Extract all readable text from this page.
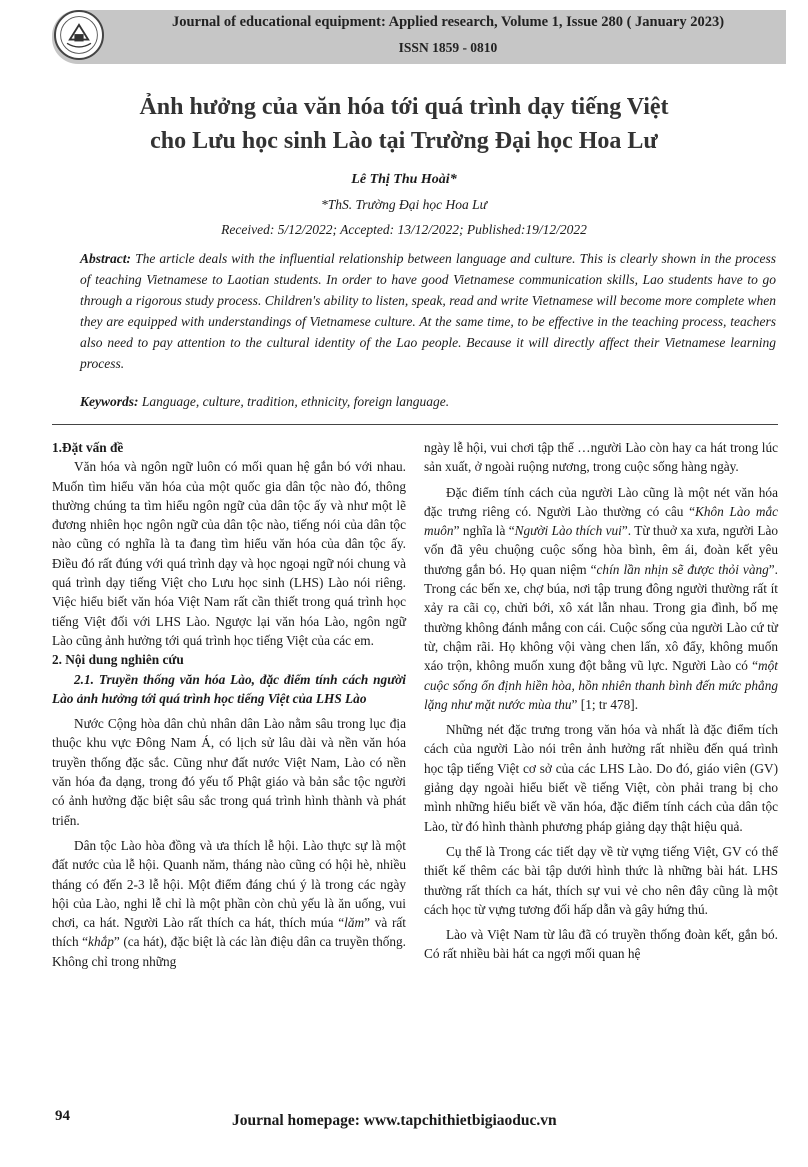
Journal of educational equipment: Applied research, Volume 1, Issue 280 ( January 2023)
ISSN 1859 - 0810
Ảnh hưởng của văn hóa tới quá trình dạy tiếng Việt
cho Lưu học sinh Lào tại Trường Đại học Hoa Lư
Lê Thị Thu Hoài*
*ThS. Trường Đại học Hoa Lư
Received: 5/12/2022; Accepted: 13/12/2022; Published:19/12/2022
Abstract: The article deals with the influential relationship between language and culture. This is clearly shown in the process of teaching Vietnamese to Laotian students. In order to have good Vietnamese communication skills, Lao students have to go through a rigorous study process. Children's ability to listen, speak, read and write Vietnamese will become more complete when they are equipped with understandings of Vietnamese culture. At the same time, to be effective in the teaching process, teachers also need to pay attention to the cultural identity of the Lao people. Because it will directly affect their Vietnamese learning process.
Keywords: Language, culture, tradition, ethnicity, foreign language.

1.Đặt vấn đề

Văn hóa và ngôn ngữ luôn có mối quan hệ gắn bó với nhau. Muốn tìm hiểu văn hóa của một quốc gia dân tộc nào đó, thông thường chúng ta tìm hiểu ngôn ngữ của dân tộc ấy và như một lẽ đương nhiên học ngôn ngữ của dân tộc nào, tiếng nói của dân tộc nào cũng có nghĩa là ta đang tìm hiểu văn hóa của dân tộc ấy. Điều đó rất đúng với quá trình dạy và học ngoại ngữ nói chung và quá trình dạy tiếng Việt cho Lưu học sinh (LHS) Lào nói riêng. Việc hiểu biết văn hóa Việt Nam rất cần thiết trong quá trình học tiếng Việt đối với LHS Lào. Ngược lại văn hóa Lào, ngôn ngữ Lào cũng ảnh hưởng tới quá trình học tiếng Việt của các em.

2. Nội dung nghiên cứu

2.1. Truyền thống văn hóa Lào, đặc điểm tính cách người Lào ảnh hưởng tới quá trình học tiếng Việt của LHS Lào

Nước Cộng hòa dân chủ nhân dân Lào nằm sâu trong lục địa thuộc khu vực Đông Nam Á, có lịch sử lâu dài và nền văn hóa truyền thống đặc sắc. Cũng như đất nước Việt Nam, Lào có nền văn hóa đa dạng, trong đó yếu tố Phật giáo và bản sắc tộc người có ảnh hưởng đặc biệt sâu sắc trong quá trình hình thành và phát triển.

Dân tộc Lào hòa đồng và ưa thích lễ hội. Lào thực sự là một đất nước của lễ hội. Quanh năm, tháng nào cũng có hội hè, nhiều tháng có đến 2-3 lễ hội. Một điểm đáng chú ý là trong các ngày hội của Lào, nghi lễ chỉ là một phần còn chủ yếu là ăn uống, vui chơi, ca hát. Người Lào rất thích ca hát, thích múa “lăm” và rất thích “khắp” (ca hát), đặc biệt là các làn điệu dân ca truyền thống. Không chỉ trong những

ngày lễ hội, vui chơi tập thể …người Lào còn hay ca hát trong lúc sản xuất, ở ngoài ruộng nương, trong cuộc sống hàng ngày.

Đặc điểm tính cách của người Lào cũng là một nét văn hóa đặc trưng riêng có. Người Lào thường có câu “Khôn Lào mắc muôn” nghĩa là “Người Lào thích vui”. Từ thuở xa xưa, người Lào vốn đã yêu chuộng cuộc sống hòa bình, êm ái, đoàn kết yêu thương gắn bó. Họ quan niệm “chín lần nhịn sẽ được thỏi vàng”. Trong các bến xe, chợ búa, nơi tập trung đông người thường rất ít xảy ra cãi cọ, chửi bới, xô xát lẫn nhau. Trong gia đình, bố mẹ thường không đánh mắng con cái. Cuộc sống của người Lào cứ từ từ, chậm rãi. Họ không vội vàng chen lấn, xô đẩy, không muốn xáo trộn, không muốn xung đột bằng vũ lực. Người Lào có “một cuộc sống ổn định hiền hòa, hồn nhiên thanh bình đến mức phẳng lặng như mặt nước mùa thu” [1; tr 478].

Những nét đặc trưng trong văn hóa và nhất là đặc điểm tích cách của người Lào nói trên ảnh hưởng rất nhiều đến quá trình học tập tiếng Việt cơ sở của các LHS Lào. Do đó, giáo viên (GV) giảng dạy ngoài hiểu biết về tiếng Việt, còn phải trang bị cho mình những hiểu biết về văn hóa, đặc điểm tính cách của dân tộc Lào, từ đó hình thành phương pháp giảng dạy thật hiệu quả.

Cụ thể là Trong các tiết dạy về từ vựng tiếng Việt, GV có thể thiết kế thêm các bài tập dưới hình thức là những bài hát. LHS thường rất thích ca hát, thích sự vui vẻ cho nên đây cũng là một cách học từ vựng tương đối hấp dẫn và gây hứng thú.

Lào và Việt Nam từ lâu đã có truyền thống đoàn kết, gắn bó. Có rất nhiều bài hát ca ngợi mối quan hệ

94	Journal homepage: www.tapchithietbigiaoduc.vn
